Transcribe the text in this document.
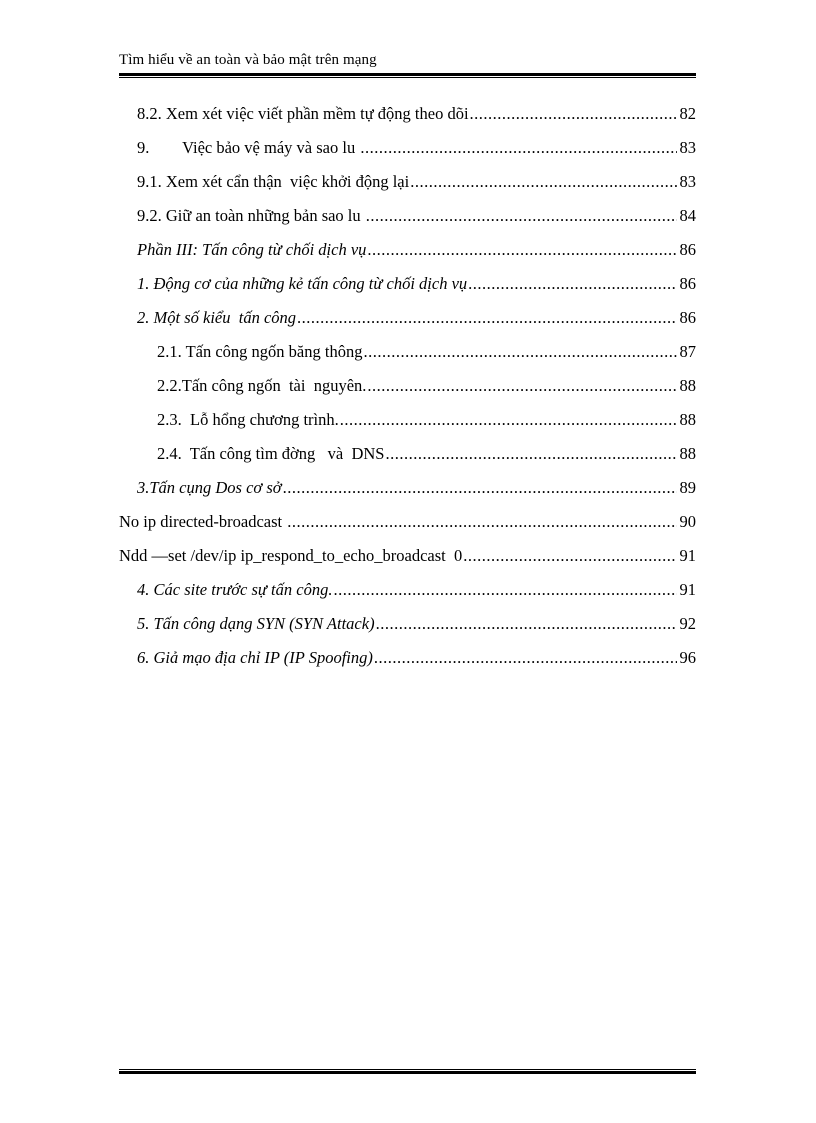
Tìm hiểu về an toàn và bảo mật trên mạng
8.2. Xem xét việc viết phần mềm tự động theo dõi .....	82
9.        Việc bảo vệ máy và sao lu .....	83
9.1. Xem xét cẩn thận  việc khởi động lại .....	83
9.2. Giữ an toàn những bản sao lu .....	84
Phần III: Tấn công từ chối dịch vụ .....	86
1. Động cơ của những kẻ tấn công từ chối dịch vụ .....	86
2. Một số kiểu  tấn công .....	86
2.1. Tấn công ngốn băng thông .....	87
2.2.Tấn công ngốn  tài  nguyên. .....	88
2.3.  Lỗ hổng chương trình. .....	88
2.4.  Tấn công tìm đờng   và  DNS .....	88
3.Tấn cụng Dos cơ sở .....	89
No ip directed-broadcast .....	90
Ndd —set /dev/ip ip_respond_to_echo_broadcast  0 .....	91
4. Các site trước sự tấn công. .....	91
5. Tấn công dạng SYN (SYN Attack) .....	92
6. Giả mạo địa chỉ IP (IP Spoofing) .....	96
